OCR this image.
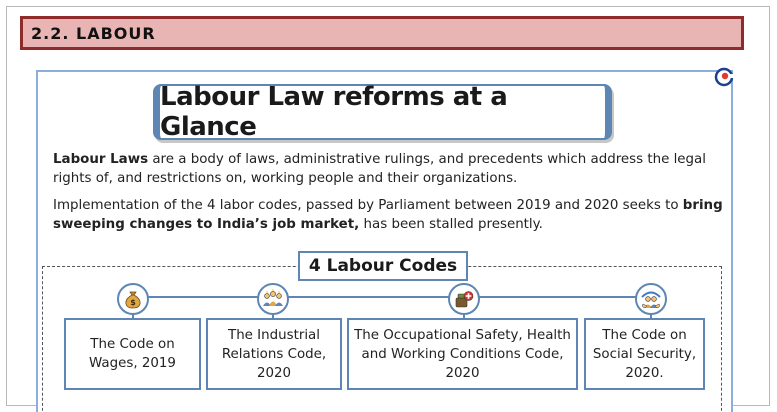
2.2. LABOUR
Labour Law reforms at a Glance

Labour Laws are a body of laws, administrative rulings, and precedents which address the legal rights of, and restrictions on, working people and their organizations.

Implementation of the 4 labor codes, passed by Parliament between 2019 and 2020 seeks to bring sweeping changes to India’s job market, has been stalled presently.

4 Labour Codes
$
The Code on Wages, 2019
The Industrial Relations Code, 2020
The Occupational Safety, Health and Working Conditions Code, 2020
The Code on Social Security, 2020.
